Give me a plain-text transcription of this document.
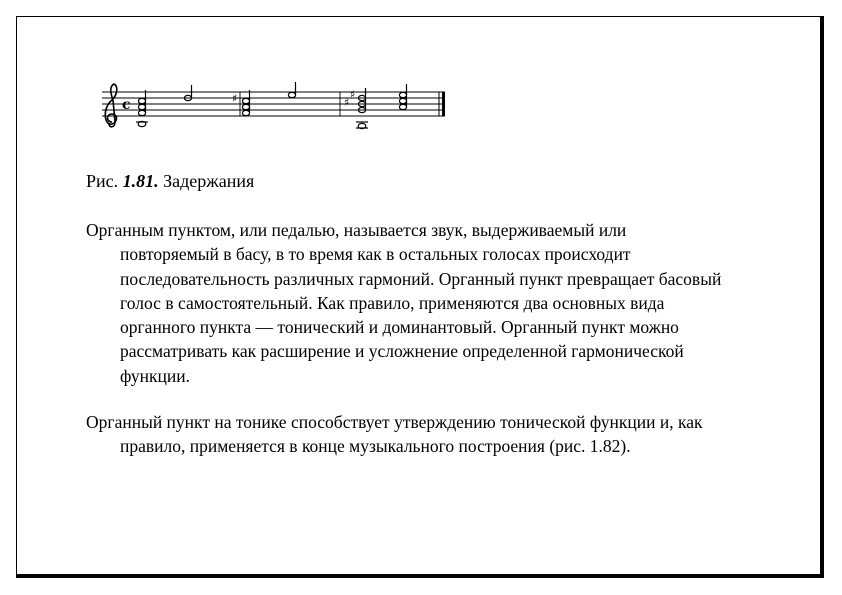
c	♯	♯
♯
Рис. 1.81. Задержания

Органным пунктом, или педалью, называется звук, выдерживаемый или
повторяемый в басу, в то время как в остальных голосах происходит
последовательность различных гармоний. Органный пункт превращает басовый
голос в самостоятельный. Как правило, применяются два основных вида
органного пункта — тонический и доминантовый. Органный пункт можно
рассматривать как расширение и усложнение определенной гармонической
функции.

Органный пункт на тонике способствует утверждению тонической функции и, как
правило, применяется в конце музыкального построения (рис. 1.82).
